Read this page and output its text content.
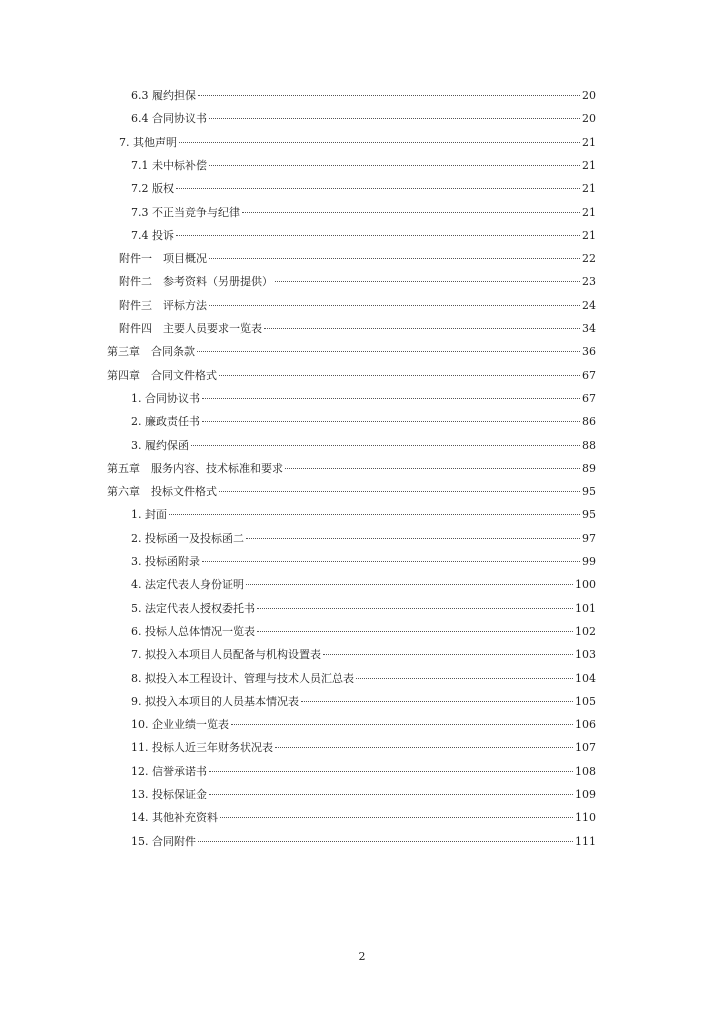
6.3 履约担保	20
6.4 合同协议书	20
7. 其他声明	21
7.1 未中标补偿	21
7.2 版权	21
7.3 不正当竞争与纪律	21
7.4 投诉	21
附件一　项目概况	22
附件二　参考资料（另册提供）	23
附件三　评标方法	24
附件四　主要人员要求一览表	34
第三章　合同条款	36
第四章　合同文件格式	67
1. 合同协议书	67
2. 廉政责任书	86
3. 履约保函	88
第五章　服务内容、技术标准和要求	89
第六章　投标文件格式	95
1. 封面	95
2. 投标函一及投标函二	97
3. 投标函附录	99
4. 法定代表人身份证明	100
5. 法定代表人授权委托书	101
6. 投标人总体情况一览表	102
7. 拟投入本项目人员配备与机构设置表	103
8. 拟投入本工程设计、管理与技术人员汇总表	104
9. 拟投入本项目的人员基本情况表	105
10. 企业业绩一览表	106
11. 投标人近三年财务状况表	107
12. 信誉承诺书	108
13. 投标保证金	109
14. 其他补充资料	110
15. 合同附件	111
2
